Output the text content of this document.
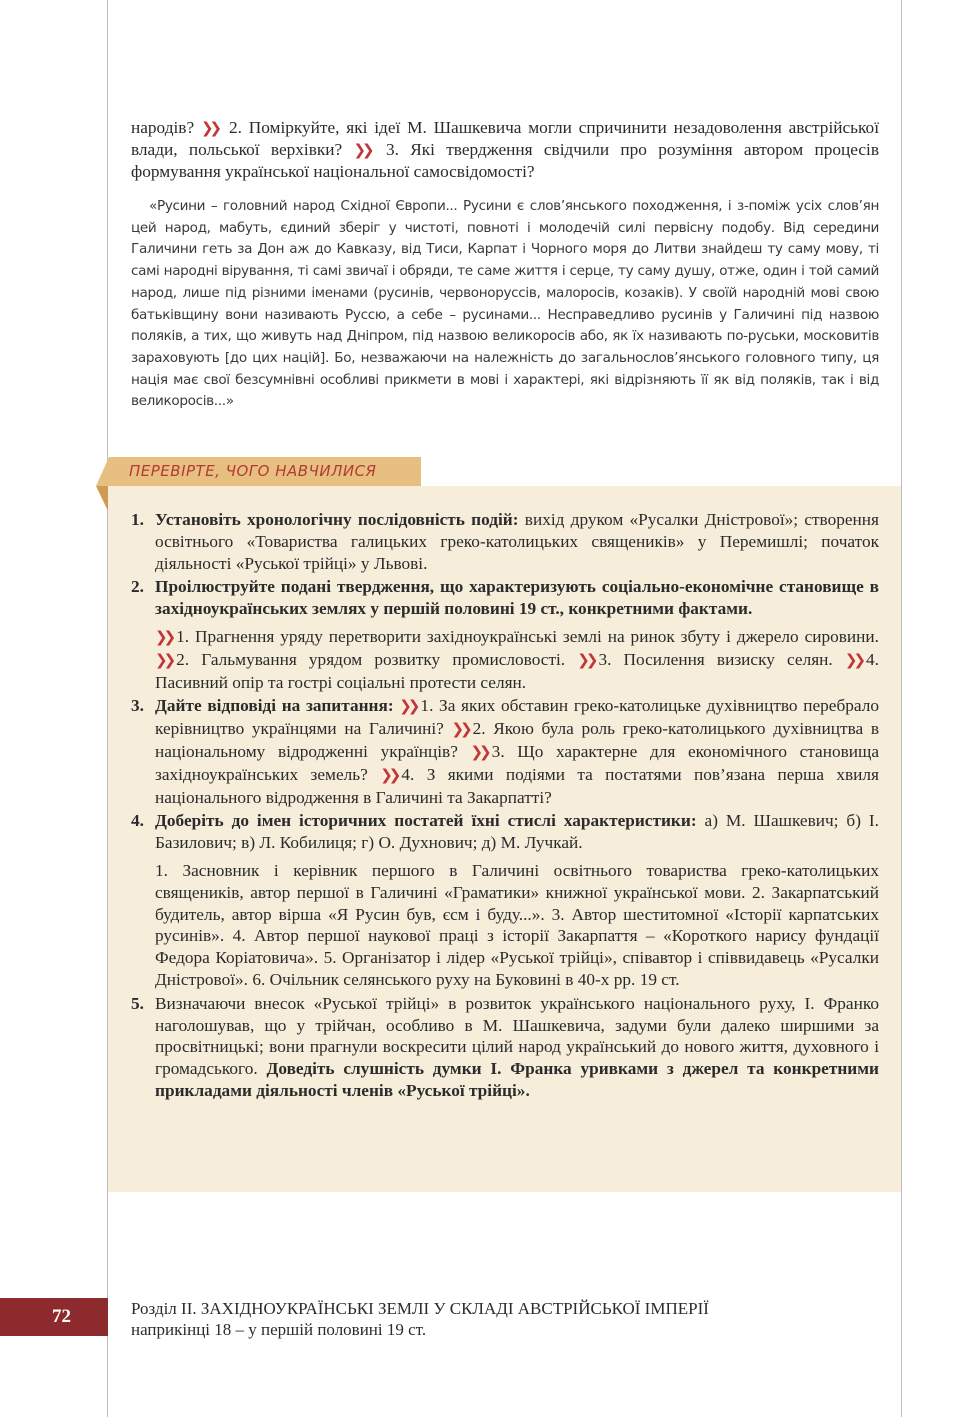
народів? ❯❯ 2. Поміркуйте, які ідеї М. Шашкевича могли спричинити незадоволення австрійської влади, польської верхівки? ❯❯ 3. Які твердження свідчили про розуміння автором процесів формування української національної самосвідомості?
«Русини – головний народ Східної Європи... Русини є слов’янського походження, і з-поміж усіх слов’ян цей народ, мабуть, єдиний зберіг у чистоті, повноті і молодечій силі первісну подобу. Від середини Галичини геть за Дон аж до Кавказу, від Тиси, Карпат і Чорного моря до Литви знайдеш ту саму мову, ті самі народні вірування, ті самі звичаї і обряди, те саме життя і серце, ту саму душу, отже, один і той самий народ, лише під різними іменами (русинів, червоноруссів, малоросів, козаків). У своїй народній мові свою батьківщину вони називають Руссю, а себе – русинами... Несправедливо русинів у Галичині під назвою поляків, а тих, що живуть над Дніпром, під назвою великоросів або, як їх називають по-руськи, московитів зараховують [до цих націй]. Бо, незважаючи на належність до загальнослов’янського головного типу, ця нація має свої безсумнівні особливі прикмети в мові і характері, які відрізняють її як від поляків, так і від великоросів...»
ПЕРЕВІРТЕ, ЧОГО НАВЧИЛИСЯ
1. Установіть хронологічну послідовність подій: вихід друком «Русалки Дністрової»; створення освітнього «Товариства галицьких греко-католицьких священиків» у Перемишлі; початок діяльності «Руської трійці» у Львові.
2. Проілюструйте подані твердження, що характеризують соціально-економічне становище в західноукраїнських землях у першій половині 19 ст., конкретними фактами.
❯❯ 1. Прагнення уряду перетворити західноукраїнські землі на ринок збуту і джерело сировини. ❯❯ 2. Гальмування урядом розвитку промисловості. ❯❯ 3. Посилення визиску селян. ❯❯ 4. Пасивний опір та гострі соціальні протести селян.
3. Дайте відповіді на запитання: ❯❯ 1. За яких обставин греко-католицьке духівництво перебрало керівництво українцями на Галичині? ❯❯ 2. Якою була роль греко-католицького духівництва в національному відродженні українців? ❯❯ 3. Що характерне для економічного становища західноукраїнських земель? ❯❯ 4. З якими подіями та постатями пов’язана перша хвиля національного відродження в Галичині та Закарпатті?
4. Доберіть до імен історичних постатей їхні стислі характеристики: а) М. Шашкевич; б) І. Базилович; в) Л. Кобилиця; г) О. Духнович; д) М. Лучкай.
1. Засновник і керівник першого в Галичині освітнього товариства греко-католицьких священиків, автор першої в Галичині «Граматики» книжної української мови. 2. Закарпатський будитель, автор вірша «Я Русин був, єсм і буду...». 3. Автор шеститомної «Історії карпатських русинів». 4. Автор першої наукової праці з історії Закарпаття – «Короткого нарису фундації Федора Коріатовича». 5. Організатор і лідер «Руської трійці», співавтор і співвидавець «Русалки Дністрової». 6. Очільник селянського руху на Буковині в 40-х рр. 19 ст.
5. Визначаючи внесок «Руської трійці» в розвиток українського національного руху, І. Франко наголошував, що у трійчан, особливо в М. Шашкевича, задуми були далеко ширшими за просвітницькі; вони прагнули воскресити цілий народ український до нового життя, духовного і громадського. Доведіть слушність думки І. Франка уривками з джерел та конкретними прикладами діяльності членів «Руської трійці».
72	Розділ ІІ. ЗАХІДНОУКРАЇНСЬКІ ЗЕМЛІ У СКЛАДІ АВСТРІЙСЬКОЇ ІМПЕРІЇ
наприкінці 18 – у першій половині 19 ст.
